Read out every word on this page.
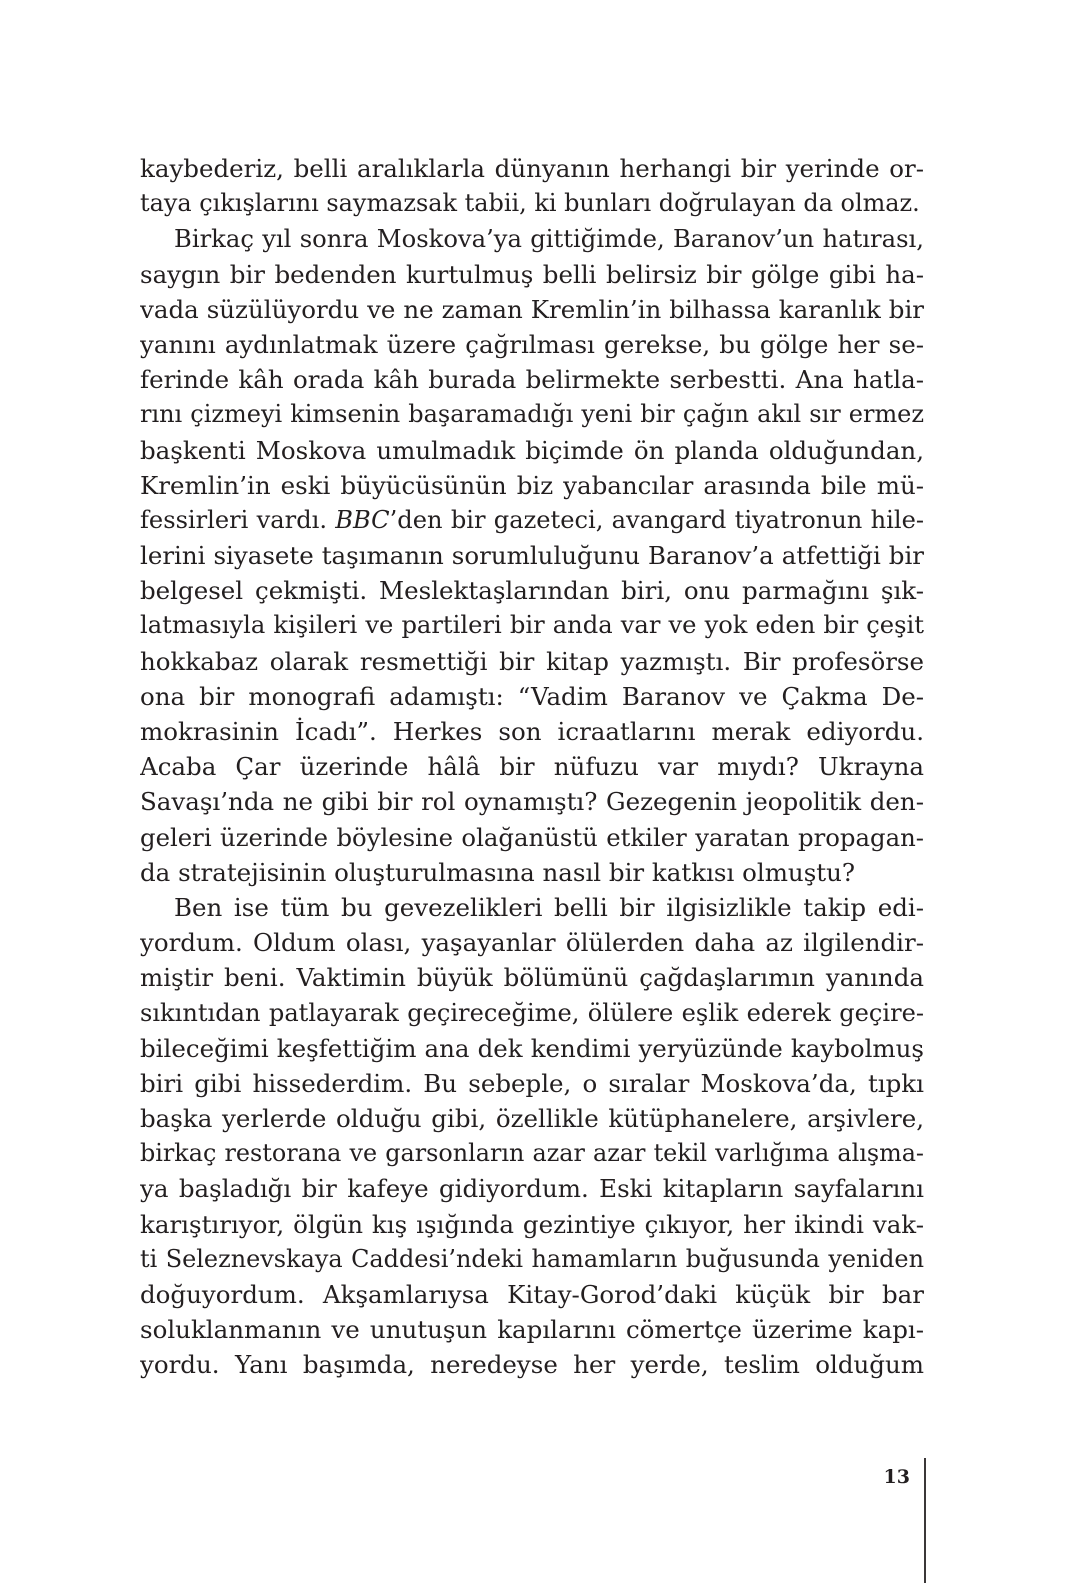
kaybederiz, belli aralıklarla dünyanın herhangi bir yerinde or-
taya çıkışlarını saymazsak tabii, ki bunları doğrulayan da olmaz.
Birkaç yıl sonra Moskova’ya gittiğimde, Baranov’un hatırası,
saygın bir bedenden kurtulmuş belli belirsiz bir gölge gibi ha-
vada süzülüyordu ve ne zaman Kremlin’in bilhassa karanlık bir
yanını aydınlatmak üzere çağrılması gerekse, bu gölge her se-
ferinde kâh orada kâh burada belirmekte serbestti. Ana hatla-
rını çizmeyi kimsenin başaramadığı yeni bir çağın akıl sır ermez
başkenti Moskova umulmadık biçimde ön planda olduğundan,
Kremlin’in eski büyücüsünün biz yabancılar arasında bile mü-
fessirleri vardı. BBC’den bir gazeteci, avangard tiyatronun hile-
lerini siyasete taşımanın sorumluluğunu Baranov’a atfettiği bir
belgesel çekmişti. Meslektaşlarından biri, onu parmağını şık-
latmasıyla kişileri ve partileri bir anda var ve yok eden bir çeşit
hokkabaz olarak resmettiği bir kitap yazmıştı. Bir profesörse
ona bir monografi adamıştı: “Vadim Baranov ve Çakma De-
mokrasinin İcadı”. Herkes son icraatlarını merak ediyordu.
Acaba Çar üzerinde hâlâ bir nüfuzu var mıydı? Ukrayna
Savaşı’nda ne gibi bir rol oynamıştı? Gezegenin jeopolitik den-
geleri üzerinde böylesine olağanüstü etkiler yaratan propagan-
da stratejisinin oluşturulmasına nasıl bir katkısı olmuştu?
Ben ise tüm bu gevezelikleri belli bir ilgisizlikle takip edi-
yordum. Oldum olası, yaşayanlar ölülerden daha az ilgilendir-
miştir beni. Vaktimin büyük bölümünü çağdaşlarımın yanında
sıkıntıdan patlayarak geçireceğime, ölülere eşlik ederek geçire-
bileceğimi keşfettiğim ana dek kendimi yeryüzünde kaybolmuş
biri gibi hissederdim. Bu sebeple, o sıralar Moskova’da, tıpkı
başka yerlerde olduğu gibi, özellikle kütüphanelere, arşivlere,
birkaç restorana ve garsonların azar azar tekil varlığıma alışma-
ya başladığı bir kafeye gidiyordum. Eski kitapların sayfalarını
karıştırıyor, ölgün kış ışığında gezintiye çıkıyor, her ikindi vak-
ti Seleznevskaya Caddesi’ndeki hamamların buğusunda yeniden
doğuyordum. Akşamlarıysa Kitay-Gorod’daki küçük bir bar
soluklanmanın ve unutuşun kapılarını cömertçe üzerime kapı-
yordu. Yanı başımda, neredeyse her yerde, teslim olduğum
13
